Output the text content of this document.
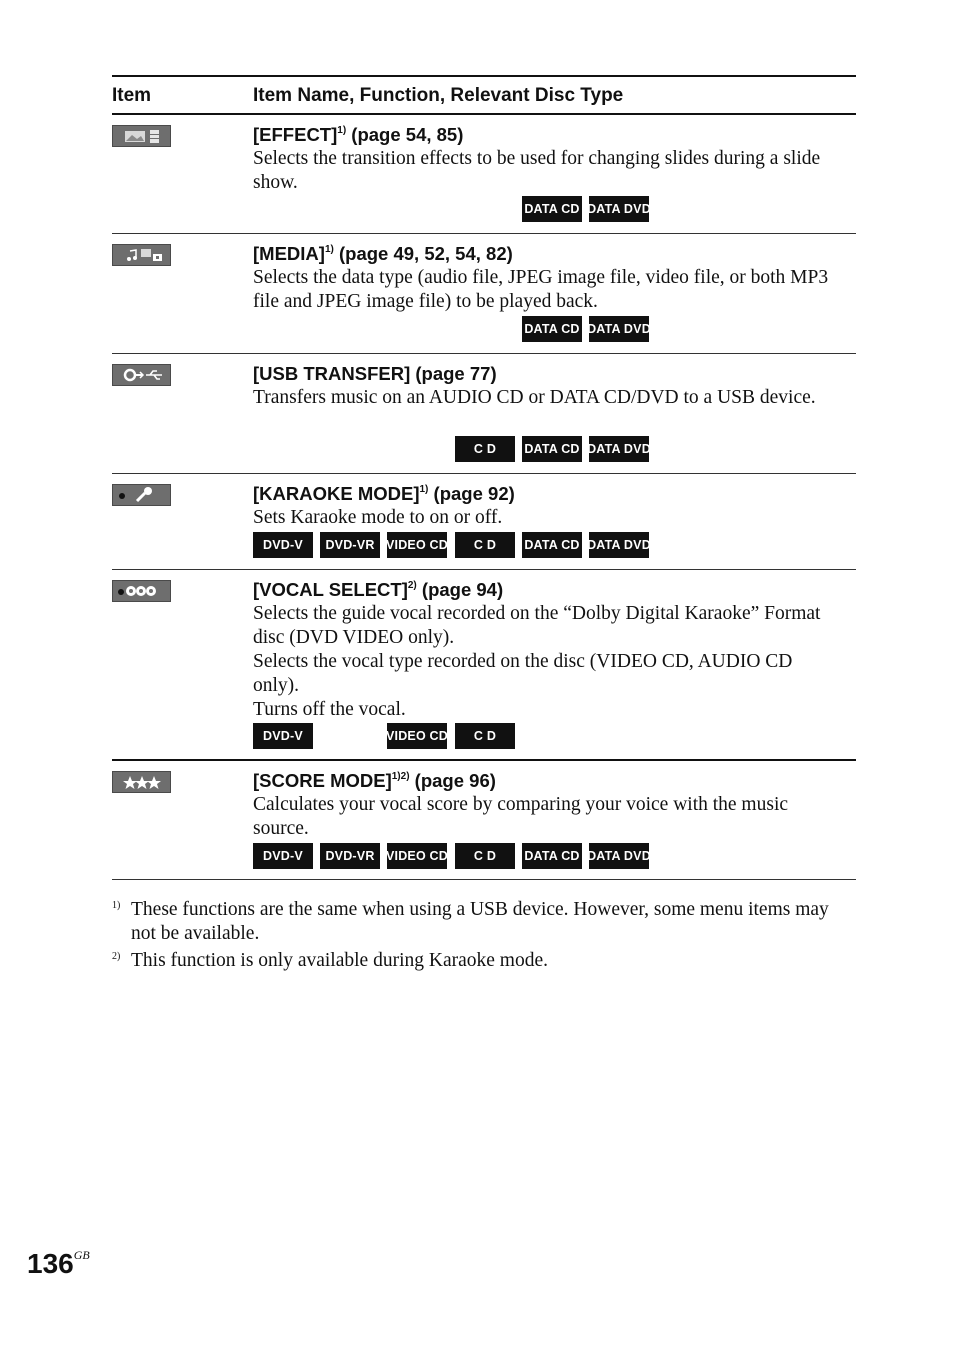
Item	Item Name, Function, Relevant Disc Type
[EFFECT]$^{1)}$ (page 54, 85)

Selects the transition effects to be used for changing slides during a slide show.

DATA CD DATA DVD
[MEDIA]$^{1)}$ (page 49, 52, 54, 82)

Selects the data type (audio file, JPEG image file, video file, or both MP3 file and JPEG image file) to be played back.

DATA CD DATA DVD
[USB TRANSFER] (page 77)

Transfers music on an AUDIO CD or DATA CD/DVD to a USB device.

C D	DATA CD DATA DVD
[KARAOKE MODE]$^{1)}$ (page 92)

Sets Karaoke mode to on or off.

DVD-V	DVD-VR VIDEO CD	C D	DATA CD DATA DVD
[VOCAL SELECT]$^{2)}$ (page 94)

Selects the guide vocal recorded on the “Dolby Digital Karaoke” Format disc (DVD VIDEO only).

Selects the vocal type recorded on the disc (VIDEO CD, AUDIO CD only).

Turns off the vocal.

DVD-V	VIDEO CD	C D
[SCORE MODE]$^{1)2)}$ (page 96)

Calculates your vocal score by comparing your voice with the music source.

DVD-V	DVD-VR VIDEO CD	C D	DATA CD DATA DVD
1) These functions are the same when using a USB device. However, some menu items may not be available.
2) This function is only available during Karaoke mode.
$136^{GB}$
